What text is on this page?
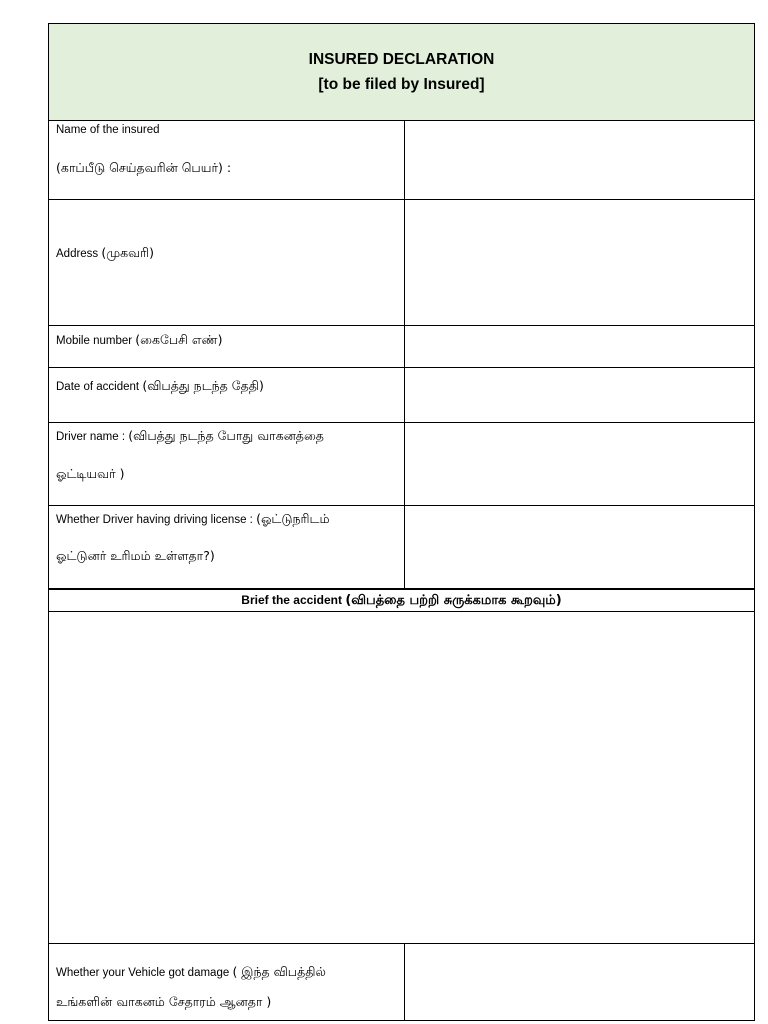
INSURED DECLARATION
[to be filed by Insured]
Name of the insured
(காப்பீடு செய்தவரின் பெயர்) :
Address (முகவரி)
Mobile number (கைபேசி எண்)
Date of accident (விபத்து நடந்த தேதி)
Driver name : (விபத்து நடந்த போது வாகனத்தை
ஓட்டியவர் )
Whether Driver having driving license : (ஓட்டுநரிடம்
ஓட்டுனர் உரிமம் உள்ளதா?)
Brief the accident (விபத்தை பற்றி சுருக்கமாக கூறவும்)
Whether your Vehicle got damage ( இந்த விபத்தில்
உங்களின் வாகனம் சேதாரம் ஆனதா )
